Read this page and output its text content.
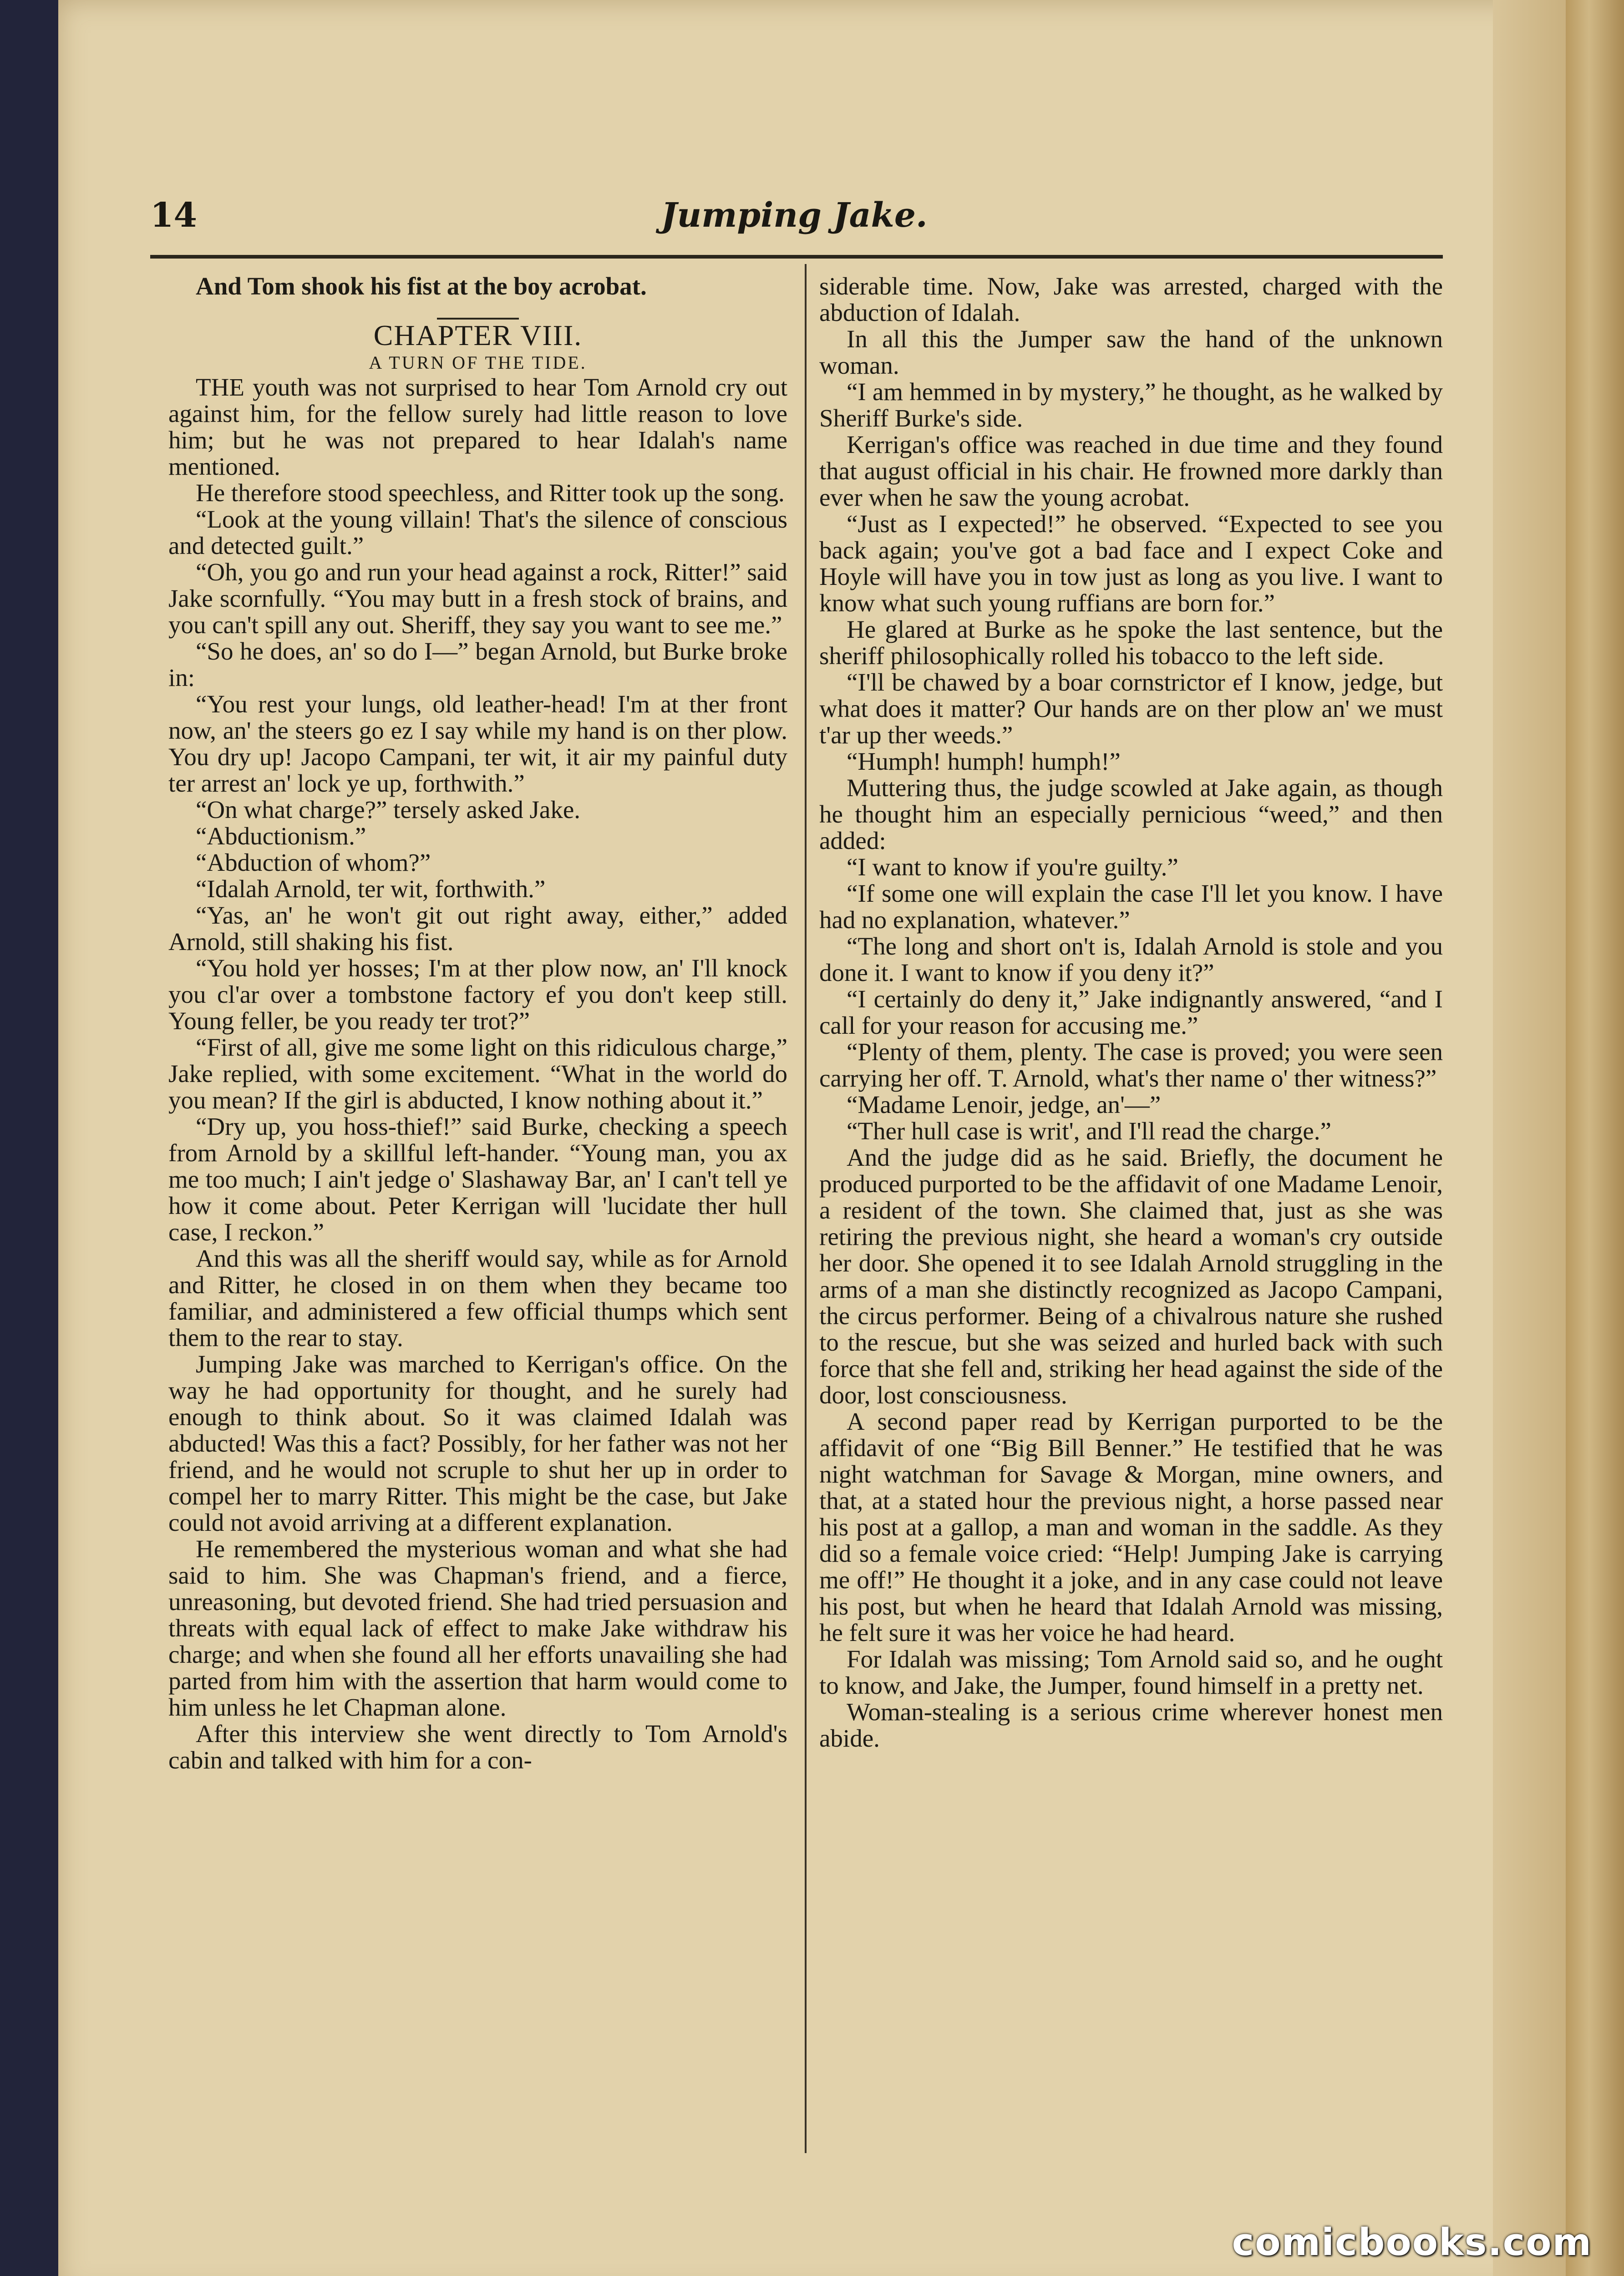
14	Jumping Jake.

And Tom shook his fist at the boy acrobat.

CHAPTER VIII.

A TURN OF THE TIDE.

THE youth was not surprised to hear Tom Arnold cry out against him, for the fellow surely had little reason to love him; but he was not prepared to hear Idalah's name mentioned.

He therefore stood speechless, and Ritter took up the song.

“Look at the young villain! That's the silence of conscious and detected guilt.”

“Oh, you go and run your head against a rock, Ritter!” said Jake scornfully. “You may butt in a fresh stock of brains, and you can't spill any out. Sheriff, they say you want to see me.”

“So he does, an' so do I—” began Arnold, but Burke broke in:

“You rest your lungs, old leather-head! I'm at ther front now, an' the steers go ez I say while my hand is on ther plow. You dry up! Jacopo Campani, ter wit, it air my painful duty ter arrest an' lock ye up, forthwith.”

“On what charge?” tersely asked Jake.

“Abductionism.”

“Abduction of whom?”

“Idalah Arnold, ter wit, forthwith.”

“Yas, an' he won't git out right away, either,” added Arnold, still shaking his fist.

“You hold yer hosses; I'm at ther plow now, an' I'll knock you cl'ar over a tombstone factory ef you don't keep still. Young feller, be you ready ter trot?”

“First of all, give me some light on this ridiculous charge,” Jake replied, with some excitement. “What in the world do you mean? If the girl is abducted, I know nothing about it.”

“Dry up, you hoss-thief!” said Burke, checking a speech from Arnold by a skillful left-hander. “Young man, you ax me too much; I ain't jedge o' Slashaway Bar, an' I can't tell ye how it come about. Peter Kerrigan will 'lucidate ther hull case, I reckon.”

And this was all the sheriff would say, while as for Arnold and Ritter, he closed in on them when they became too familiar, and administered a few official thumps which sent them to the rear to stay.

Jumping Jake was marched to Kerrigan's office. On the way he had opportunity for thought, and he surely had enough to think about. So it was claimed Idalah was abducted! Was this a fact? Possibly, for her father was not her friend, and he would not scruple to shut her up in order to compel her to marry Ritter. This might be the case, but Jake could not avoid arriving at a different explanation.

He remembered the mysterious woman and what she had said to him. She was Chapman's friend, and a fierce, unreasoning, but devoted friend. She had tried persuasion and threats with equal lack of effect to make Jake withdraw his charge; and when she found all her efforts unavailing she had parted from him with the assertion that harm would come to him unless he let Chapman alone.

After this interview she went directly to Tom Arnold's cabin and talked with him for a con-

siderable time. Now, Jake was arrested, charged with the abduction of Idalah.

In all this the Jumper saw the hand of the unknown woman.

“I am hemmed in by mystery,” he thought, as he walked by Sheriff Burke's side.

Kerrigan's office was reached in due time and they found that august official in his chair. He frowned more darkly than ever when he saw the young acrobat.

“Just as I expected!” he observed. “Expected to see you back again; you've got a bad face and I expect Coke and Hoyle will have you in tow just as long as you live. I want to know what such young ruffians are born for.”

He glared at Burke as he spoke the last sentence, but the sheriff philosophically rolled his tobacco to the left side.

“I'll be chawed by a boar cornstrictor ef I know, jedge, but what does it matter? Our hands are on ther plow an' we must t'ar up ther weeds.”

“Humph! humph! humph!”

Muttering thus, the judge scowled at Jake again, as though he thought him an especially pernicious “weed,” and then added:

“I want to know if you're guilty.”

“If some one will explain the case I'll let you know. I have had no explanation, whatever.”

“The long and short on't is, Idalah Arnold is stole and you done it. I want to know if you deny it?”

“I certainly do deny it,” Jake indignantly answered, “and I call for your reason for accusing me.”

“Plenty of them, plenty. The case is proved; you were seen carrying her off. T. Arnold, what's ther name o' ther witness?”

“Madame Lenoir, jedge, an'—”

“Ther hull case is writ', and I'll read the charge.”

And the judge did as he said. Briefly, the document he produced purported to be the affidavit of one Madame Lenoir, a resident of the town. She claimed that, just as she was retiring the previous night, she heard a woman's cry outside her door. She opened it to see Idalah Arnold struggling in the arms of a man she distinctly recognized as Jacopo Campani, the circus performer. Being of a chivalrous nature she rushed to the rescue, but she was seized and hurled back with such force that she fell and, striking her head against the side of the door, lost consciousness.

A second paper read by Kerrigan purported to be the affidavit of one “Big Bill Benner.” He testified that he was night watchman for Savage & Morgan, mine owners, and that, at a stated hour the previous night, a horse passed near his post at a gallop, a man and woman in the saddle. As they did so a female voice cried: “Help! Jumping Jake is carrying me off!” He thought it a joke, and in any case could not leave his post, but when he heard that Idalah Arnold was missing, he felt sure it was her voice he had heard.

For Idalah was missing; Tom Arnold said so, and he ought to know, and Jake, the Jumper, found himself in a pretty net.

Woman-stealing is a serious crime wherever honest men abide.

comicbooks.com
